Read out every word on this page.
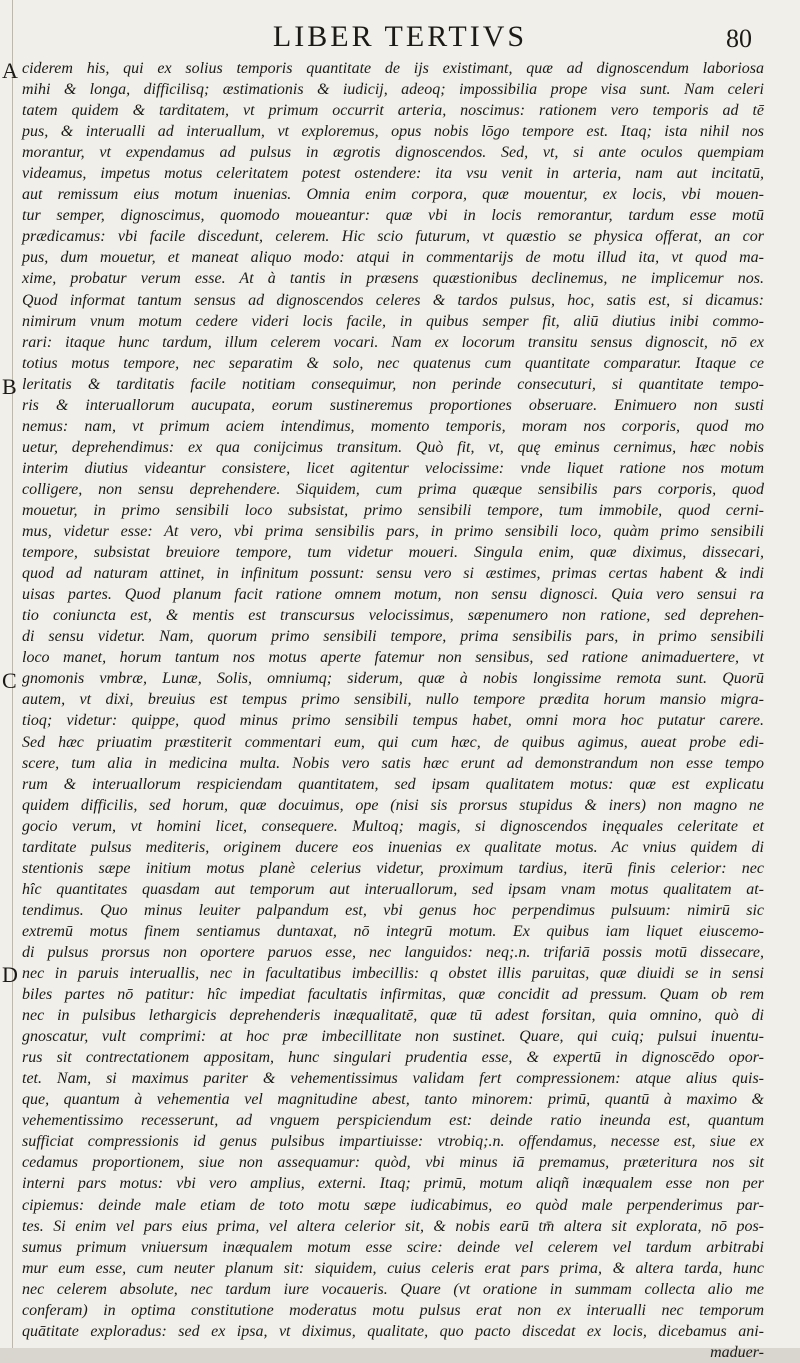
LIBER TERTIVS	80
A
B
C
D
ciderem his, qui ex solius temporis quantitate de ijs existimant, quæ ad dignoscendum laboriosa
mihi & longa, difficilisq; æstimationis & iudicij, adeoq; impossibilia prope visa sunt. Nam celeri
tatem quidem & tarditatem, vt primum occurrit arteria, noscimus: rationem vero temporis ad tē
pus, & interualli ad interuallum, vt exploremus, opus nobis lōgo tempore est. Itaq; ista nihil nos
morantur, vt expendamus ad pulsus in ægrotis dignoscendos. Sed, vt, si ante oculos quempiam
videamus, impetus motus celeritatem potest ostendere: ita vsu venit in arteria, nam aut incitatū,
aut remissum eius motum inuenias. Omnia enim corpora, quæ mouentur, ex locis, vbi mouen-
tur semper, dignoscimus, quomodo moueantur: quæ vbi in locis remorantur, tardum esse motū
prædicamus: vbi facile discedunt, celerem. Hic scio futurum, vt quæstio se physica offerat, an cor
pus, dum mouetur, et maneat aliquo modo: atqui in commentarijs de motu illud ita, vt quod ma-
xime, probatur verum esse. At à tantis in præsens quæstionibus declinemus, ne implicemur nos.
Quod informat tantum sensus ad dignoscendos celeres & tardos pulsus, hoc, satis est, si dicamus:
nimirum vnum motum cedere videri locis facile, in quibus semper fit, aliū diutius inibi commo-
rari: itaque hunc tardum, illum celerem vocari. Nam ex locorum transitu sensus dignoscit, nō ex
totius motus tempore, nec separatim & solo, nec quatenus cum quantitate comparatur. Itaque ce
leritatis & tarditatis facile notitiam consequimur, non perinde consecuturi, si quantitate tempo-
ris & interuallorum aucupata, eorum sustineremus proportiones obseruare. Enimuero non susti
nemus: nam, vt primum aciem intendimus, momento temporis, moram nos corporis, quod mo
uetur, deprehendimus: ex qua conijcimus transitum. Quò fit, vt, quę eminus cernimus, hæc nobis
interim diutius videantur consistere, licet agitentur velocissime: vnde liquet ratione nos motum
colligere, non sensu deprehendere. Siquidem, cum prima quæque sensibilis pars corporis, quod
mouetur, in primo sensibili loco subsistat, primo sensibili tempore, tum immobile, quod cerni-
mus, videtur esse: At vero, vbi prima sensibilis pars, in primo sensibili loco, quàm primo sensibili
tempore, subsistat breuiore tempore, tum videtur moueri. Singula enim, quæ diximus, dissecari,
quod ad naturam attinet, in infinitum possunt: sensu vero si æstimes, primas certas habent & indi
uisas partes. Quod planum facit ratione omnem motum, non sensu dignosci. Quia vero sensui ra
tio coniuncta est, & mentis est transcursus velocissimus, sæpenumero non ratione, sed deprehen-
di sensu videtur. Nam, quorum primo sensibili tempore, prima sensibilis pars, in primo sensibili
loco manet, horum tantum nos motus aperte fatemur non sensibus, sed ratione animaduertere, vt
gnomonis vmbræ, Lunæ, Solis, omniumq; siderum, quæ à nobis longissime remota sunt. Quorū
autem, vt dixi, breuius est tempus primo sensibili, nullo tempore prædita horum mansio migra-
tioq; videtur: quippe, quod minus primo sensibili tempus habet, omni mora hoc putatur carere.
Sed hæc priuatim præstiterit commentari eum, qui cum hæc, de quibus agimus, aueat probe edi-
scere, tum alia in medicina multa. Nobis vero satis hæc erunt ad demonstrandum non esse tempo
rum & interuallorum respiciendam quantitatem, sed ipsam qualitatem motus: quæ est explicatu
quidem difficilis, sed horum, quæ docuimus, ope (nisi sis prorsus stupidus & iners) non magno ne
gocio verum, vt homini licet, consequere. Multoq; magis, si dignoscendos inęquales celeritate et
tarditate pulsus mediteris, originem ducere eos inuenias ex qualitate motus. Ac vnius quidem di
stentionis sæpe initium motus planè celerius videtur, proximum tardius, iterū finis celerior: nec
hîc quantitates quasdam aut temporum aut interuallorum, sed ipsam vnam motus qualitatem at-
tendimus. Quo minus leuiter palpandum est, vbi genus hoc perpendimus pulsuum: nimirū sic
extremū motus finem sentiamus duntaxat, nō integrū motum. Ex quibus iam liquet eiuscemo-
di pulsus prorsus non oportere paruos esse, nec languidos: neq;.n. trifariā possis motū dissecare,
nec in paruis interuallis, nec in facultatibus imbecillis: q obstet illis paruitas, quæ diuidi se in sensi
biles partes nō patitur: hîc impediat facultatis infirmitas, quæ concidit ad pressum. Quam ob rem
nec in pulsibus lethargicis deprehenderis inæqualitatē, quæ tū adest forsitan, quia omnino, quò di
gnoscatur, vult comprimi: at hoc præ imbecillitate non sustinet. Quare, qui cuiq; pulsui inuentu-
rus sit contrectationem appositam, hunc singulari prudentia esse, & expertū in dignoscēdo opor-
tet. Nam, si maximus pariter & vehementissimus validam fert compressionem: atque alius quis-
que, quantum à vehementia vel magnitudine abest, tanto minorem: primū, quantū à maximo &
vehementissimo recesserunt, ad vnguem perspiciendum est: deinde ratio ineunda est, quantum
sufficiat compressionis id genus pulsibus impartiuisse: vtrobiq;.n. offendamus, necesse est, siue ex
cedamus proportionem, siue non assequamur: quòd, vbi minus iā premamus, præteritura nos sit
interni pars motus: vbi vero amplius, externi. Itaq; primū, motum aliqñ inæqualem esse non per
cipiemus: deinde male etiam de toto motu sæpe iudicabimus, eo quòd male perpenderimus par-
tes. Si enim vel pars eius prima, vel altera celerior sit, & nobis earū tm̄ altera sit explorata, nō pos-
sumus primum vniuersum inæqualem motum esse scire: deinde vel celerem vel tardum arbitrabi
mur eum esse, cum neuter planum sit: siquidem, cuius celeris erat pars prima, & altera tarda, hunc
nec celerem absolute, nec tardum iure vocaueris. Quare (vt oratione in summam collecta alio me
conferam) in optima constitutione moderatus motu pulsus erat non ex interualli nec temporum
quātitate exploradus: sed ex ipsa, vt diximus, qualitate, quo pacto discedat ex locis, dicebamus ani-
maduer-
